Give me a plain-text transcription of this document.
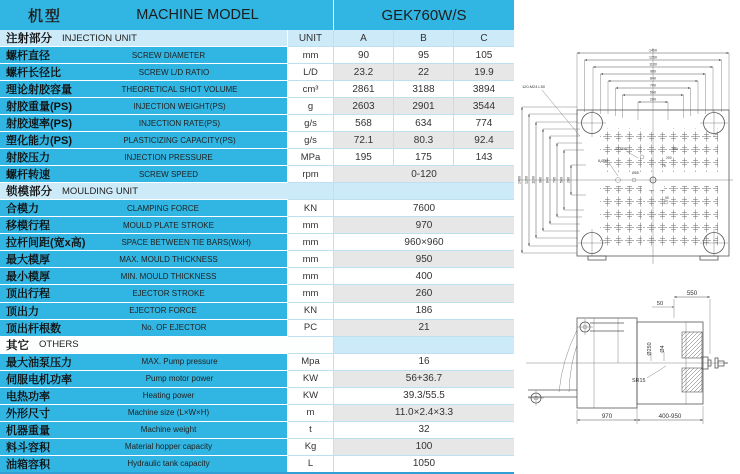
机型	MACHINE MODEL	GEK760W/S
注射部分 INJECTION UNIT	UNIT	A	B	C
螺杆直径	SCREW DIAMETER	mm	90	95	105
螺杆长径比	SCREW L/D RATIO	L/D	23.2	22	19.9
理论射胶容量	THEORETICAL SHOT VOLUME	cm³	2861	3188	3894
射胶重量(PS)	INJECTION WEIGHT(PS)	g	2603	2901	3544
射胶速率(PS)	INJECTION RATE(PS)	g/s	568	634	774
塑化能力(PS)	PLASTICIZING CAPACITY(PS)	g/s	72.1	80.3	92.4
射胶压力	INJECTION PRESSURE	MPa	195	175	143
螺杆转速	SCREW SPEED	rpm	0-120
锁模部分 MOULDING UNIT
合模力	CLAMPING FORCE	KN	7600
移模行程	MOULD PLATE STROKE	mm	970
拉杆间距(宽x高)	SPACE BETWEEN TIE BARS(WxH)	mm	960×960
最大模厚	MAX. MOULD THICKNESS	mm	950
最小模厚	MIN. MOULD THICKNESS	mm	400
顶出行程	EJECTOR STROKE	mm	260
顶出力	EJECTOR FORCE	KN	186
顶出杆根数	No. OF EJECTOR	PC	21
其它 OTHERS
最大油泵压力	MAX. Pump pressure	Mpa	16
伺服电机功率	Pump motor power	KW	56+36.7
电热功率	Heating power	KW	39.3/55.5
外形尺寸	Machine size (L×W×H)	m	11.0×2.4×3.3
机器重量	Machine weight	t	32
料斗容积	Material hopper capacity	Kg	100
油箱容积	Hydraulic tank capacity	L	1050
1400
1260
1100
980
840
700
560
280
1400 1260 1100 980 840 700 560 280
120-M24 L50
12-Ø35
8-Ø52
Ø55
350
200
75
50
550
50
Ø250 Ø4
SR15
970	400-950
